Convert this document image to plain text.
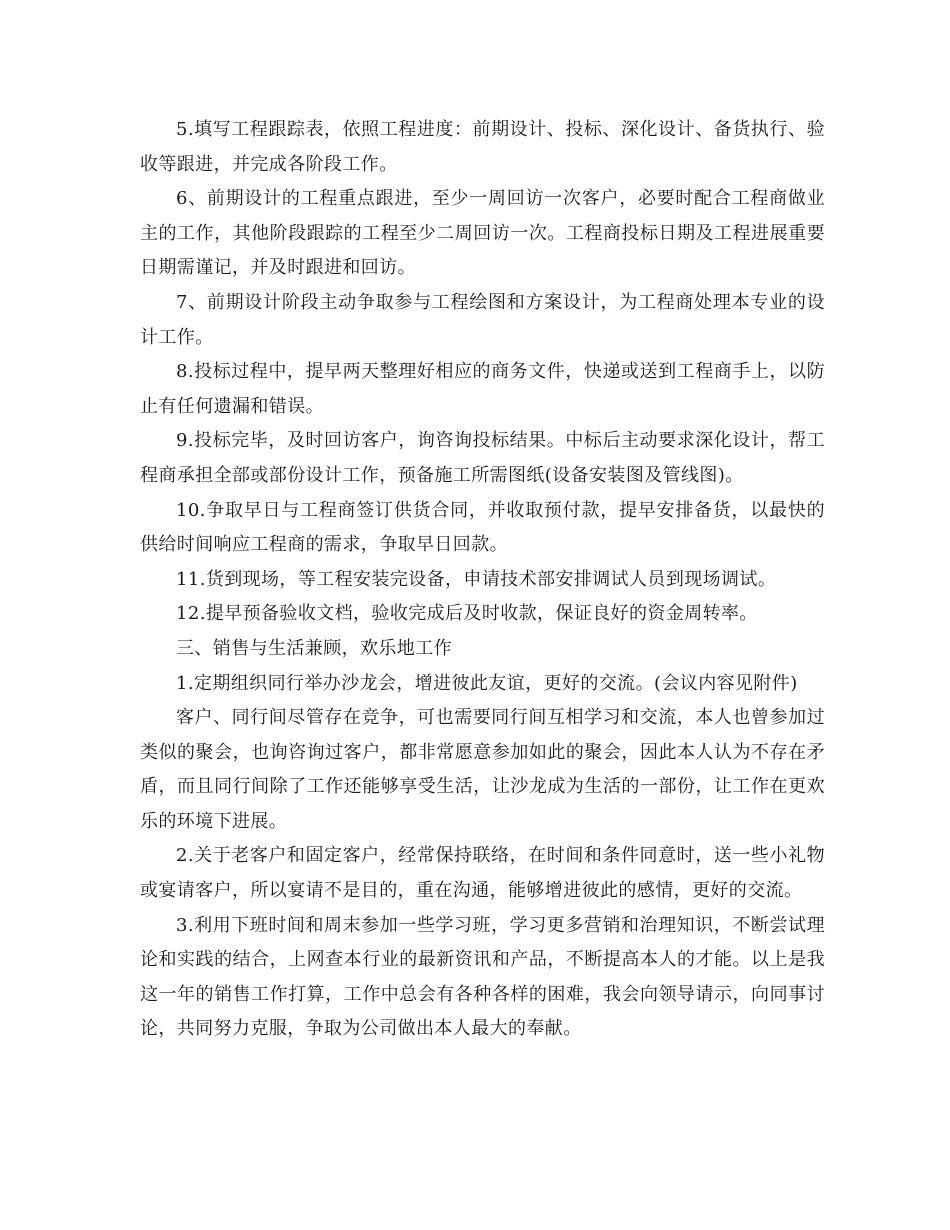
5.填写工程跟踪表，依照工程进度：前期设计、投标、深化设计、备货执行、验收等跟进，并完成各阶段工作。

6、前期设计的工程重点跟进，至少一周回访一次客户，必要时配合工程商做业主的工作，其他阶段跟踪的工程至少二周回访一次。工程商投标日期及工程进展重要日期需谨记，并及时跟进和回访。

7、前期设计阶段主动争取参与工程绘图和方案设计，为工程商处理本专业的设计工作。

8.投标过程中，提早两天整理好相应的商务文件，快递或送到工程商手上，以防止有任何遗漏和错误。

9.投标完毕，及时回访客户，询咨询投标结果。中标后主动要求深化设计，帮工程商承担全部或部份设计工作，预备施工所需图纸(设备安装图及管线图)。

10.争取早日与工程商签订供货合同，并收取预付款，提早安排备货，以最快的供给时间响应工程商的需求，争取早日回款。

11.货到现场，等工程安装完设备，申请技术部安排调试人员到现场调试。

12.提早预备验收文档，验收完成后及时收款，保证良好的资金周转率。

三、销售与生活兼顾，欢乐地工作

1.定期组织同行举办沙龙会，增进彼此友谊，更好的交流。(会议内容见附件)

客户、同行间尽管存在竞争，可也需要同行间互相学习和交流，本人也曾参加过类似的聚会，也询咨询过客户，都非常愿意参加如此的聚会，因此本人认为不存在矛盾，而且同行间除了工作还能够享受生活，让沙龙成为生活的一部份，让工作在更欢乐的环境下进展。

2.关于老客户和固定客户，经常保持联络，在时间和条件同意时，送一些小礼物或宴请客户，所以宴请不是目的，重在沟通，能够增进彼此的感情，更好的交流。

3.利用下班时间和周末参加一些学习班，学习更多营销和治理知识，不断尝试理论和实践的结合，上网查本行业的最新资讯和产品，不断提高本人的才能。以上是我这一年的销售工作打算，工作中总会有各种各样的困难，我会向领导请示，向同事讨论，共同努力克服，争取为公司做出本人最大的奉献。
